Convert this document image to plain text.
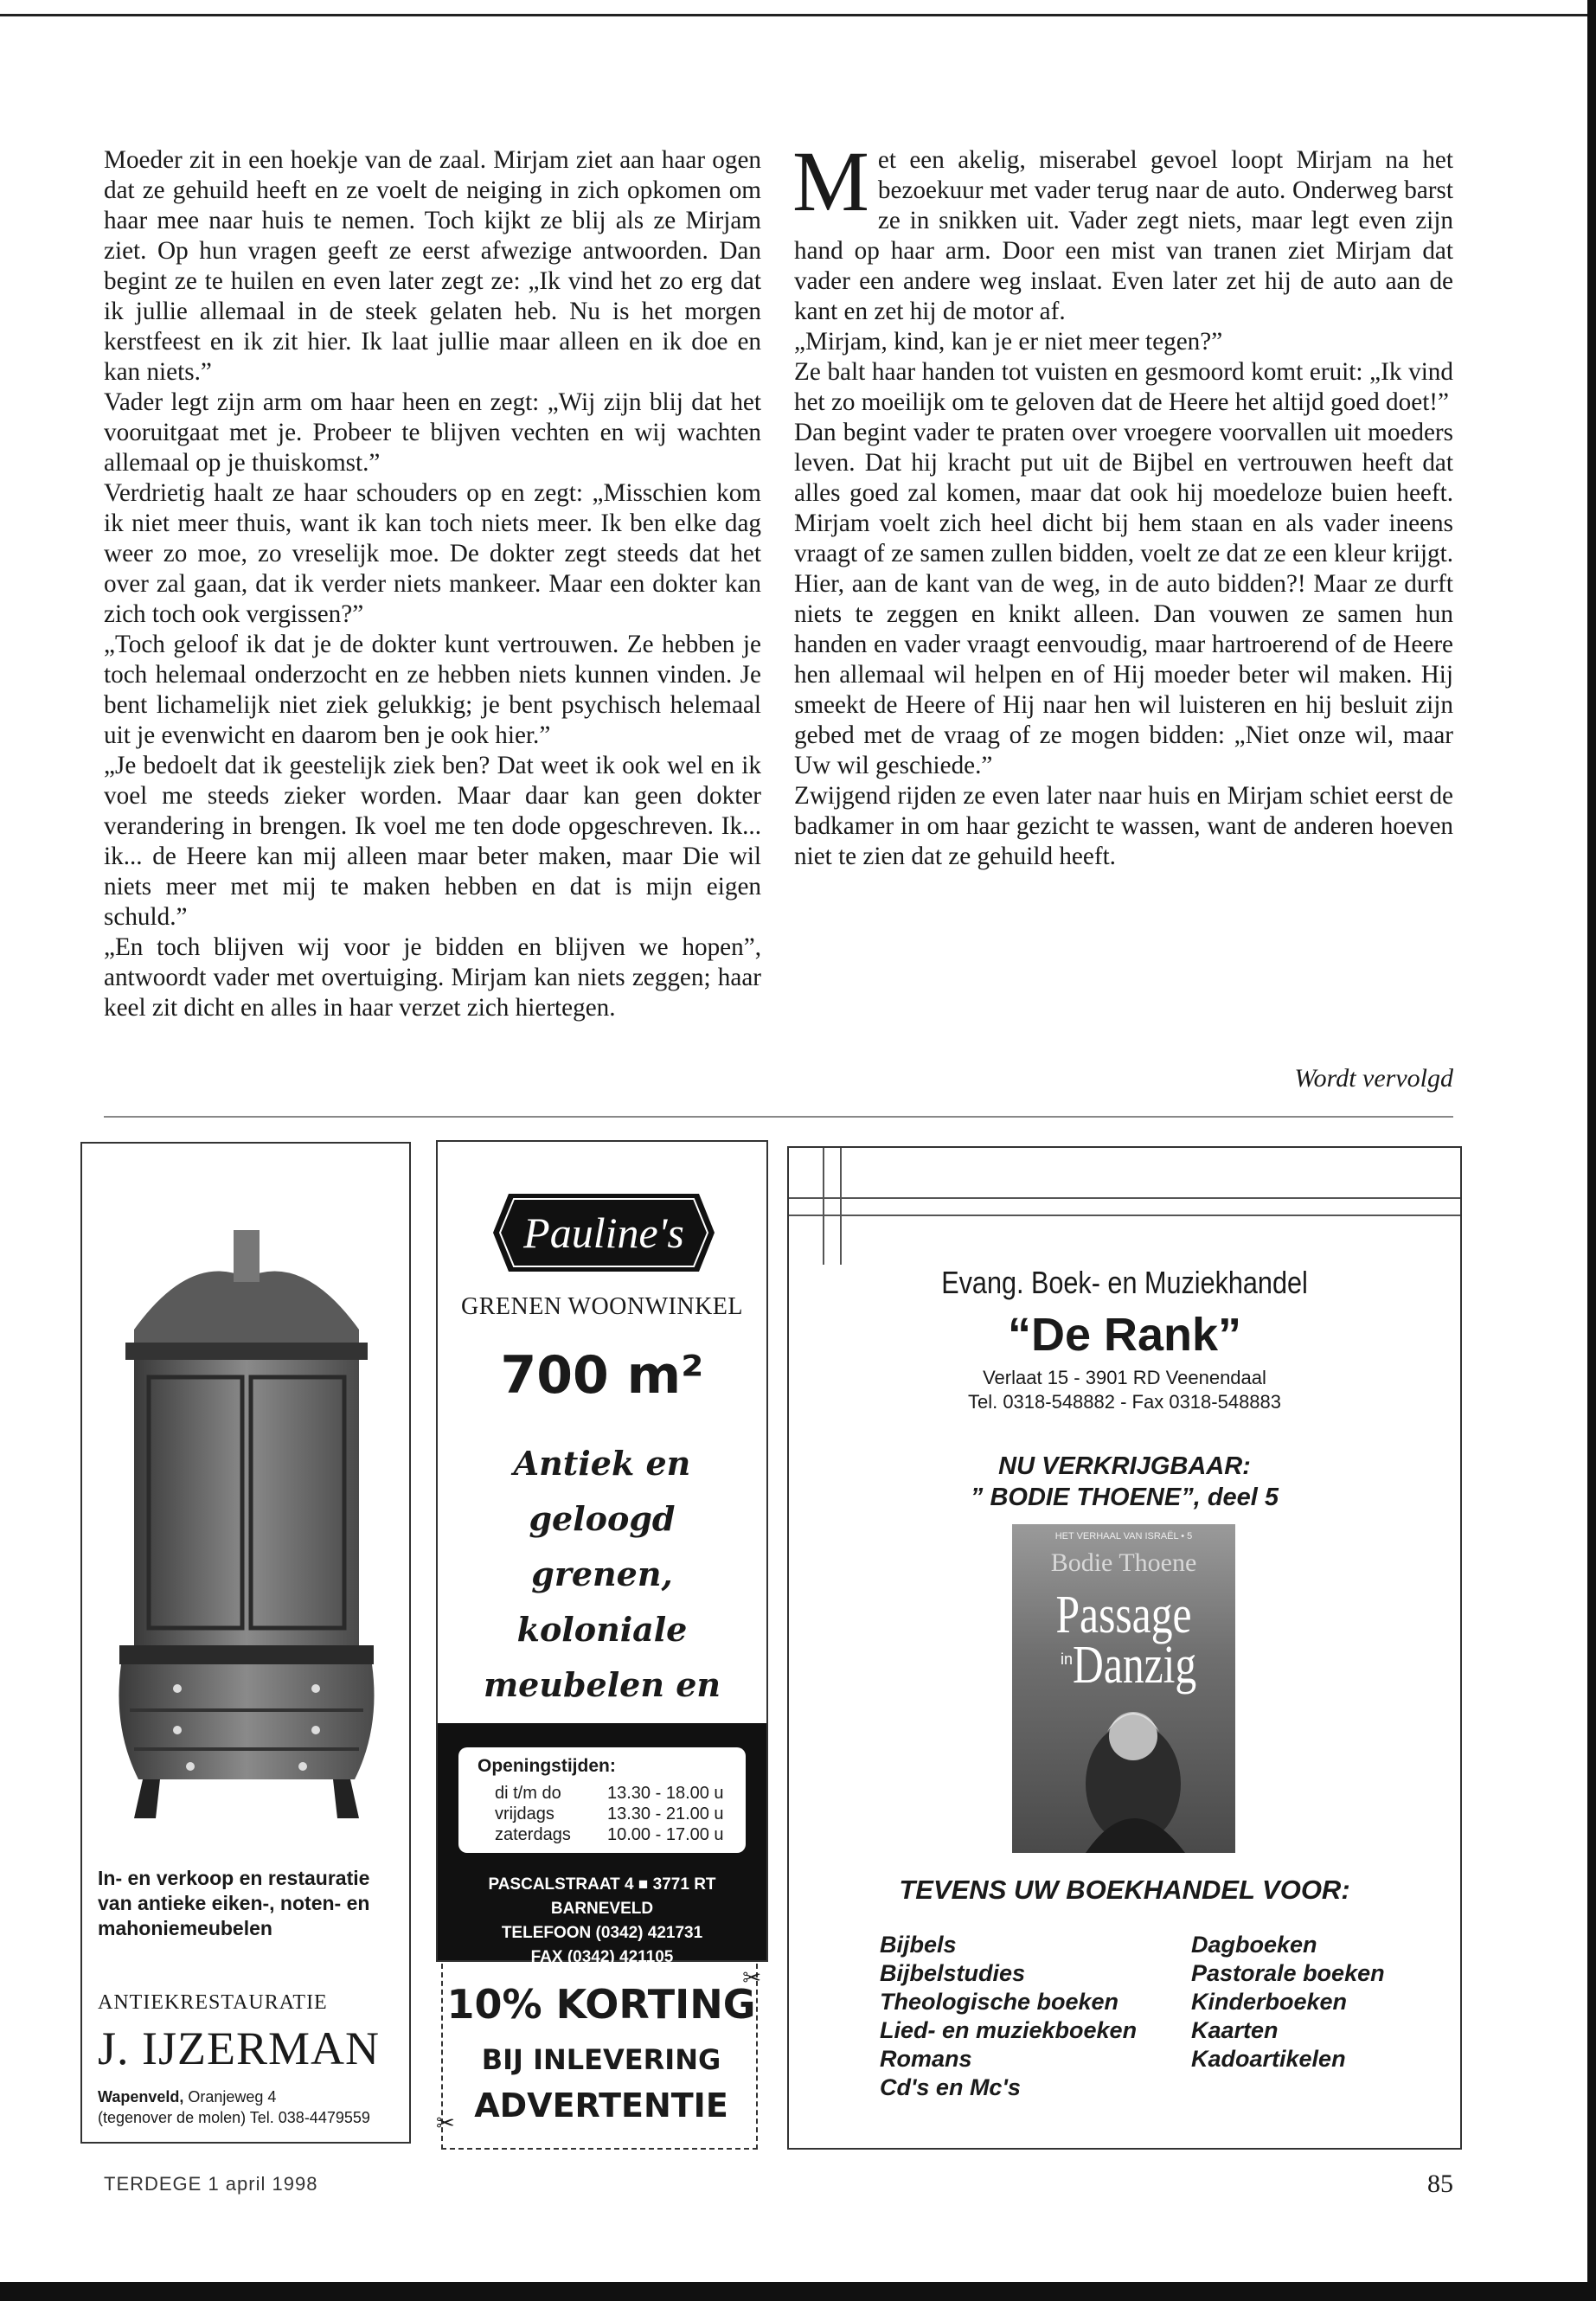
Moeder zit in een hoekje van de zaal. Mirjam ziet aan haar ogen dat ze gehuild heeft en ze voelt de neiging in zich opkomen om haar mee naar huis te nemen. Toch kijkt ze blij als ze Mirjam ziet. Op hun vragen geeft ze eerst afwezige antwoorden. Dan begint ze te huilen en even later zegt ze: „Ik vind het zo erg dat ik jullie allemaal in de steek gelaten heb. Nu is het morgen kerstfeest en ik zit hier. Ik laat jullie maar alleen en ik doe en kan niets.”

Vader legt zijn arm om haar heen en zegt: „Wij zijn blij dat het vooruitgaat met je. Probeer te blijven vechten en wij wachten allemaal op je thuiskomst.”

Verdrietig haalt ze haar schouders op en zegt: „Misschien kom ik niet meer thuis, want ik kan toch niets meer. Ik ben elke dag weer zo moe, zo vreselijk moe. De dokter zegt steeds dat het over zal gaan, dat ik verder niets mankeer. Maar een dokter kan zich toch ook vergissen?”

„Toch geloof ik dat je de dokter kunt vertrouwen. Ze hebben je toch helemaal onderzocht en ze hebben niets kunnen vinden. Je bent lichamelijk niet ziek gelukkig; je bent psychisch helemaal uit je evenwicht en daarom ben je ook hier.”

„Je bedoelt dat ik geestelijk ziek ben? Dat weet ik ook wel en ik voel me steeds zieker worden. Maar daar kan geen dokter verandering in brengen. Ik voel me ten dode opgeschreven. Ik... ik... de Heere kan mij alleen maar beter maken, maar Die wil niets meer met mij te maken hebben en dat is mijn eigen schuld.”

„En toch blijven wij voor je bidden en blijven we hopen”, antwoordt vader met overtuiging. Mirjam kan niets zeggen; haar keel zit dicht en alles in haar verzet zich hiertegen.

Met een akelig, miserabel gevoel loopt Mirjam na het bezoekuur met vader terug naar de auto. Onderweg barst ze in snikken uit. Vader zegt niets, maar legt even zijn hand op haar arm. Door een mist van tranen ziet Mirjam dat vader een andere weg inslaat. Even later zet hij de auto aan de kant en zet hij de motor af.

„Mirjam, kind, kan je er niet meer tegen?”

Ze balt haar handen tot vuisten en gesmoord komt eruit: „Ik vind het zo moeilijk om te geloven dat de Heere het altijd goed doet!”

Dan begint vader te praten over vroegere voorvallen uit moeders leven. Dat hij kracht put uit de Bijbel en vertrouwen heeft dat alles goed zal komen, maar dat ook hij moedeloze buien heeft. Mirjam voelt zich heel dicht bij hem staan en als vader ineens vraagt of ze samen zullen bidden, voelt ze dat ze een kleur krijgt. Hier, aan de kant van de weg, in de auto bidden?! Maar ze durft niets te zeggen en knikt alleen. Dan vouwen ze samen hun handen en vader vraagt eenvoudig, maar hartroerend of de Heere hen allemaal wil helpen en of Hij moeder beter wil maken. Hij smeekt de Heere of Hij naar hen wil luisteren en hij besluit zijn gebed met de vraag of ze mogen bidden: „Niet onze wil, maar Uw wil geschiede.”

Zwijgend rijden ze even later naar huis en Mirjam schiet eerst de badkamer in om haar gezicht te wassen, want de anderen hoeven niet te zien dat ze gehuild heeft.

Wordt vervolgd
In- en verkoop en restauratie van antieke eiken-, noten- en mahoniemeubelen
ANTIEKRESTAURATIE
J. IJZERMAN
Wapenveld, Oranjeweg 4
(tegenover de molen) Tel. 038-4479559
Pauline's
GRENEN WOONWINKEL
700 m²
Antiek en
geloogd grenen,
koloniale
meubelen en
Openingstijden:
di t/m do	13.30 - 18.00 u
vrijdags	13.30 - 21.00 u
zaterdags 10.00 - 17.00 u
PASCALSTRAAT 4 ■ 3771 RT BARNEVELD
TELEFOON (0342) 421731
FAX (0342) 421105
✂
✂
10% KORTING
BIJ INLEVERING
ADVERTENTIE
Evang. Boek- en Muziekhandel
“De Rank”
Verlaat 15 - 3901 RD Veenendaal
Tel. 0318-548882 - Fax 0318-548883
NU VERKRIJGBAAR:
” BODIE THOENE”, deel 5
HET VERHAAL VAN ISRAËL • 5
Bodie Thoene
Passage
in Danzig
TEVENS UW BOEKHANDEL VOOR:
Bijbels
Bijbelstudies
Theologische boeken
Lied- en muziekboeken
Romans
Cd's en Mc's
Dagboeken
Pastorale boeken
Kinderboeken
Kaarten
Kadoartikelen
TERDEGE 1 april 1998	85
